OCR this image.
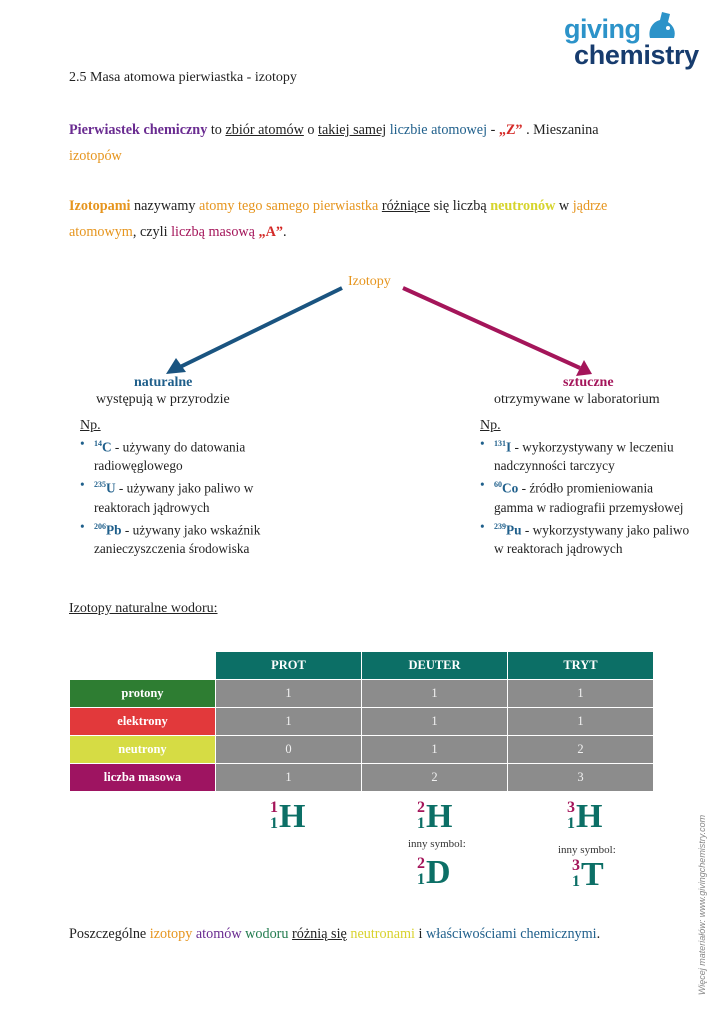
giving
chemistry
2.5 Masa atomowa pierwiastka - izotopy
Pierwiastek chemiczny to zbiór atomów o takiej samej liczbie atomowej - „Z” . Mieszanina
izotopów
Izotopami nazywamy atomy tego samego pierwiastka różniące się liczbą neutronów w jądrze
atomowym, czyli liczbą masową „A”.
Izotopy
naturalne
występują w przyrodzie
sztuczne
otrzymywane w laboratorium
Np.
• $^{14}$C - używany do datowania radiowęglowego
• $^{235}$U - używany jako paliwo w reaktorach jądrowych
• $^{206}$Pb - używany jako wskaźnik zanieczyszczenia środowiska
Np.
• $^{131}$I - wykorzystywany w leczeniu nadczynności tarczycy
• $^{60}$Co - źródło promieniowania gamma w radiografii przemysłowej
• $^{239}$Pu - wykorzystywany jako paliwo w reaktorach jądrowych
Izotopy naturalne wodoru:
	PROT	DEUTER	TRYT
protony	1	1	1
elektrony	1	1	1
neutrony	0	1	2
liczba masowa	1	2	3
1
1 H	2
1 H
inny symbol:
2
1 D
3
1 H
inny symbol:
3
1 T
Poszczególne izotopy atomów wodoru różnią się neutronami i właściwościami chemicznymi.	Więcej materiałów: www.givingchemistry.com
